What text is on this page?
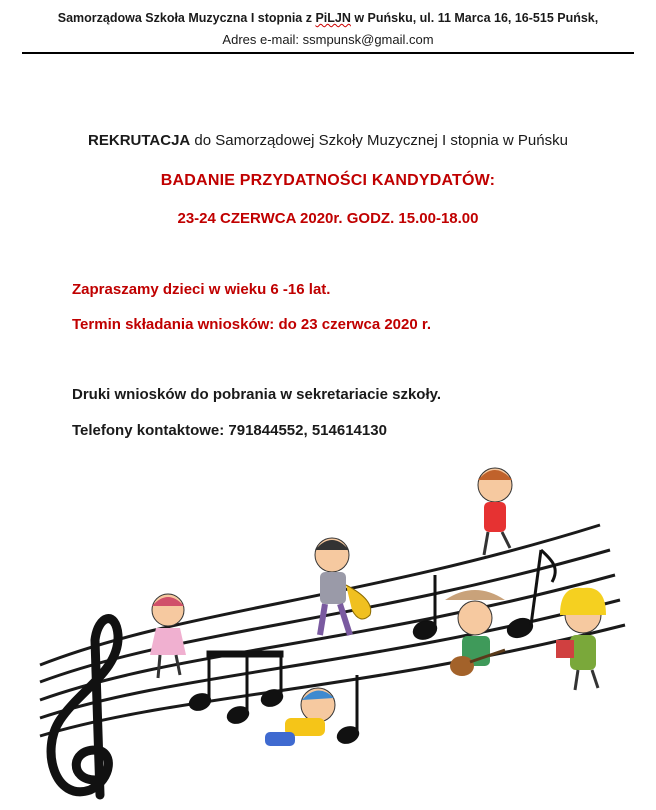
Samorządowa Szkoła Muzyczna I stopnia z PiLJN w Puńsku, ul. 11 Marca 16, 16-515 Puńsk,
Adres e-mail: ssmpunsk@gmail.com
REKRUTACJA do Samorządowej Szkoły Muzycznej I stopnia w Puńsku
BADANIE PRZYDATNOŚCI KANDYDATÓW:
23-24 CZERWCA 2020r. GODZ. 15.00-18.00
Zapraszamy dzieci w wieku 6 -16 lat.
Termin składania wniosków: do 23 czerwca 2020 r.
Druki wniosków do pobrania w sekretariacie szkoły.
Telefony kontaktowe: 791844552, 514614130
